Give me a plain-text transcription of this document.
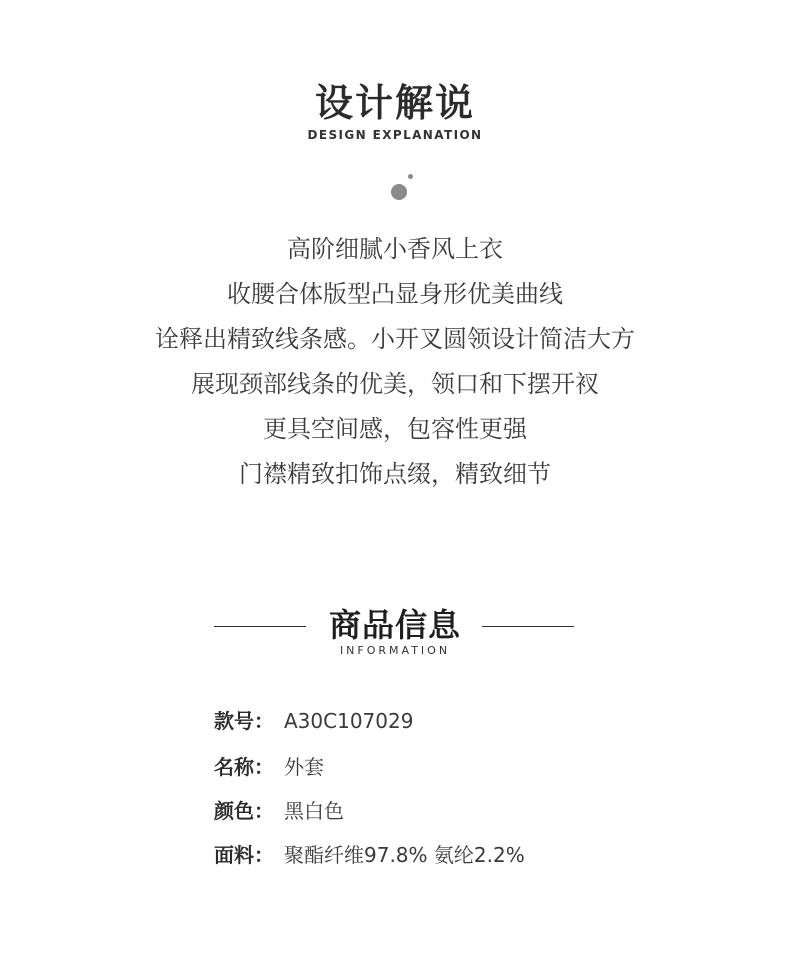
设计解说
DESIGN EXPLANATION
高阶细腻小香风上衣
收腰合体版型凸显身形优美曲线
诠释出精致线条感。小开叉圆领设计简洁大方
展现颈部线条的优美，领口和下摆开衩
更具空间感，包容性更强
门襟精致扣饰点缀，精致细节
商品信息
INFORMATION
款号： A30C107029
名称： 外套
颜色： 黑白色
面料： 聚酯纤维97.8% 氨纶2.2%
